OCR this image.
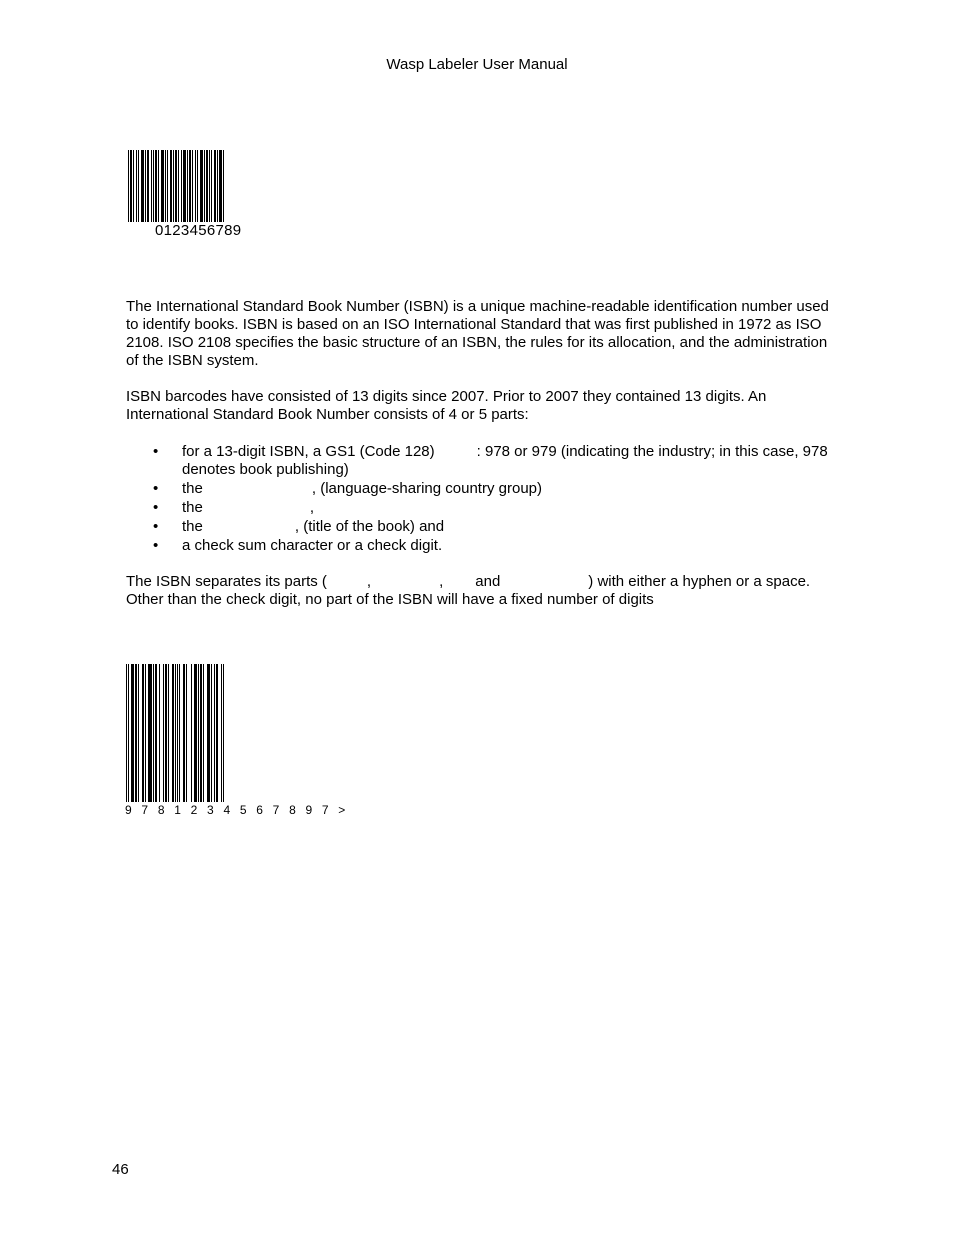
Wasp Labeler User Manual
0123456789
The International Standard Book Number (ISBN) is a unique machine-readable identification number used to identify books. ISBN is based on an ISO International Standard that was first published in 1972 as ISO 2108. ISO 2108 specifies the basic structure of an ISBN, the rules for its allocation, and the administration of the ISBN system.
ISBN barcodes have consisted of 13 digits since 2007. Prior to 2007 they contained 13 digits. An International Standard Book Number consists of 4 or 5 parts:
• for a 13-digit ISBN, a GS1 (Code 128)	: 978 or 979 (indicating the industry; in this case, 978 denotes book publishing)
• the	, (language-sharing country group)
• the	,
• the	, (title of the book) and
• a check sum character or a check digit.
The ISBN separates its parts (	,	, and	) with either a hyphen or a space.
Other than the check digit, no part of the ISBN will have a fixed number of digits
9 7 8 1 2 3 4 5 6 7 8 9 7 >
46
